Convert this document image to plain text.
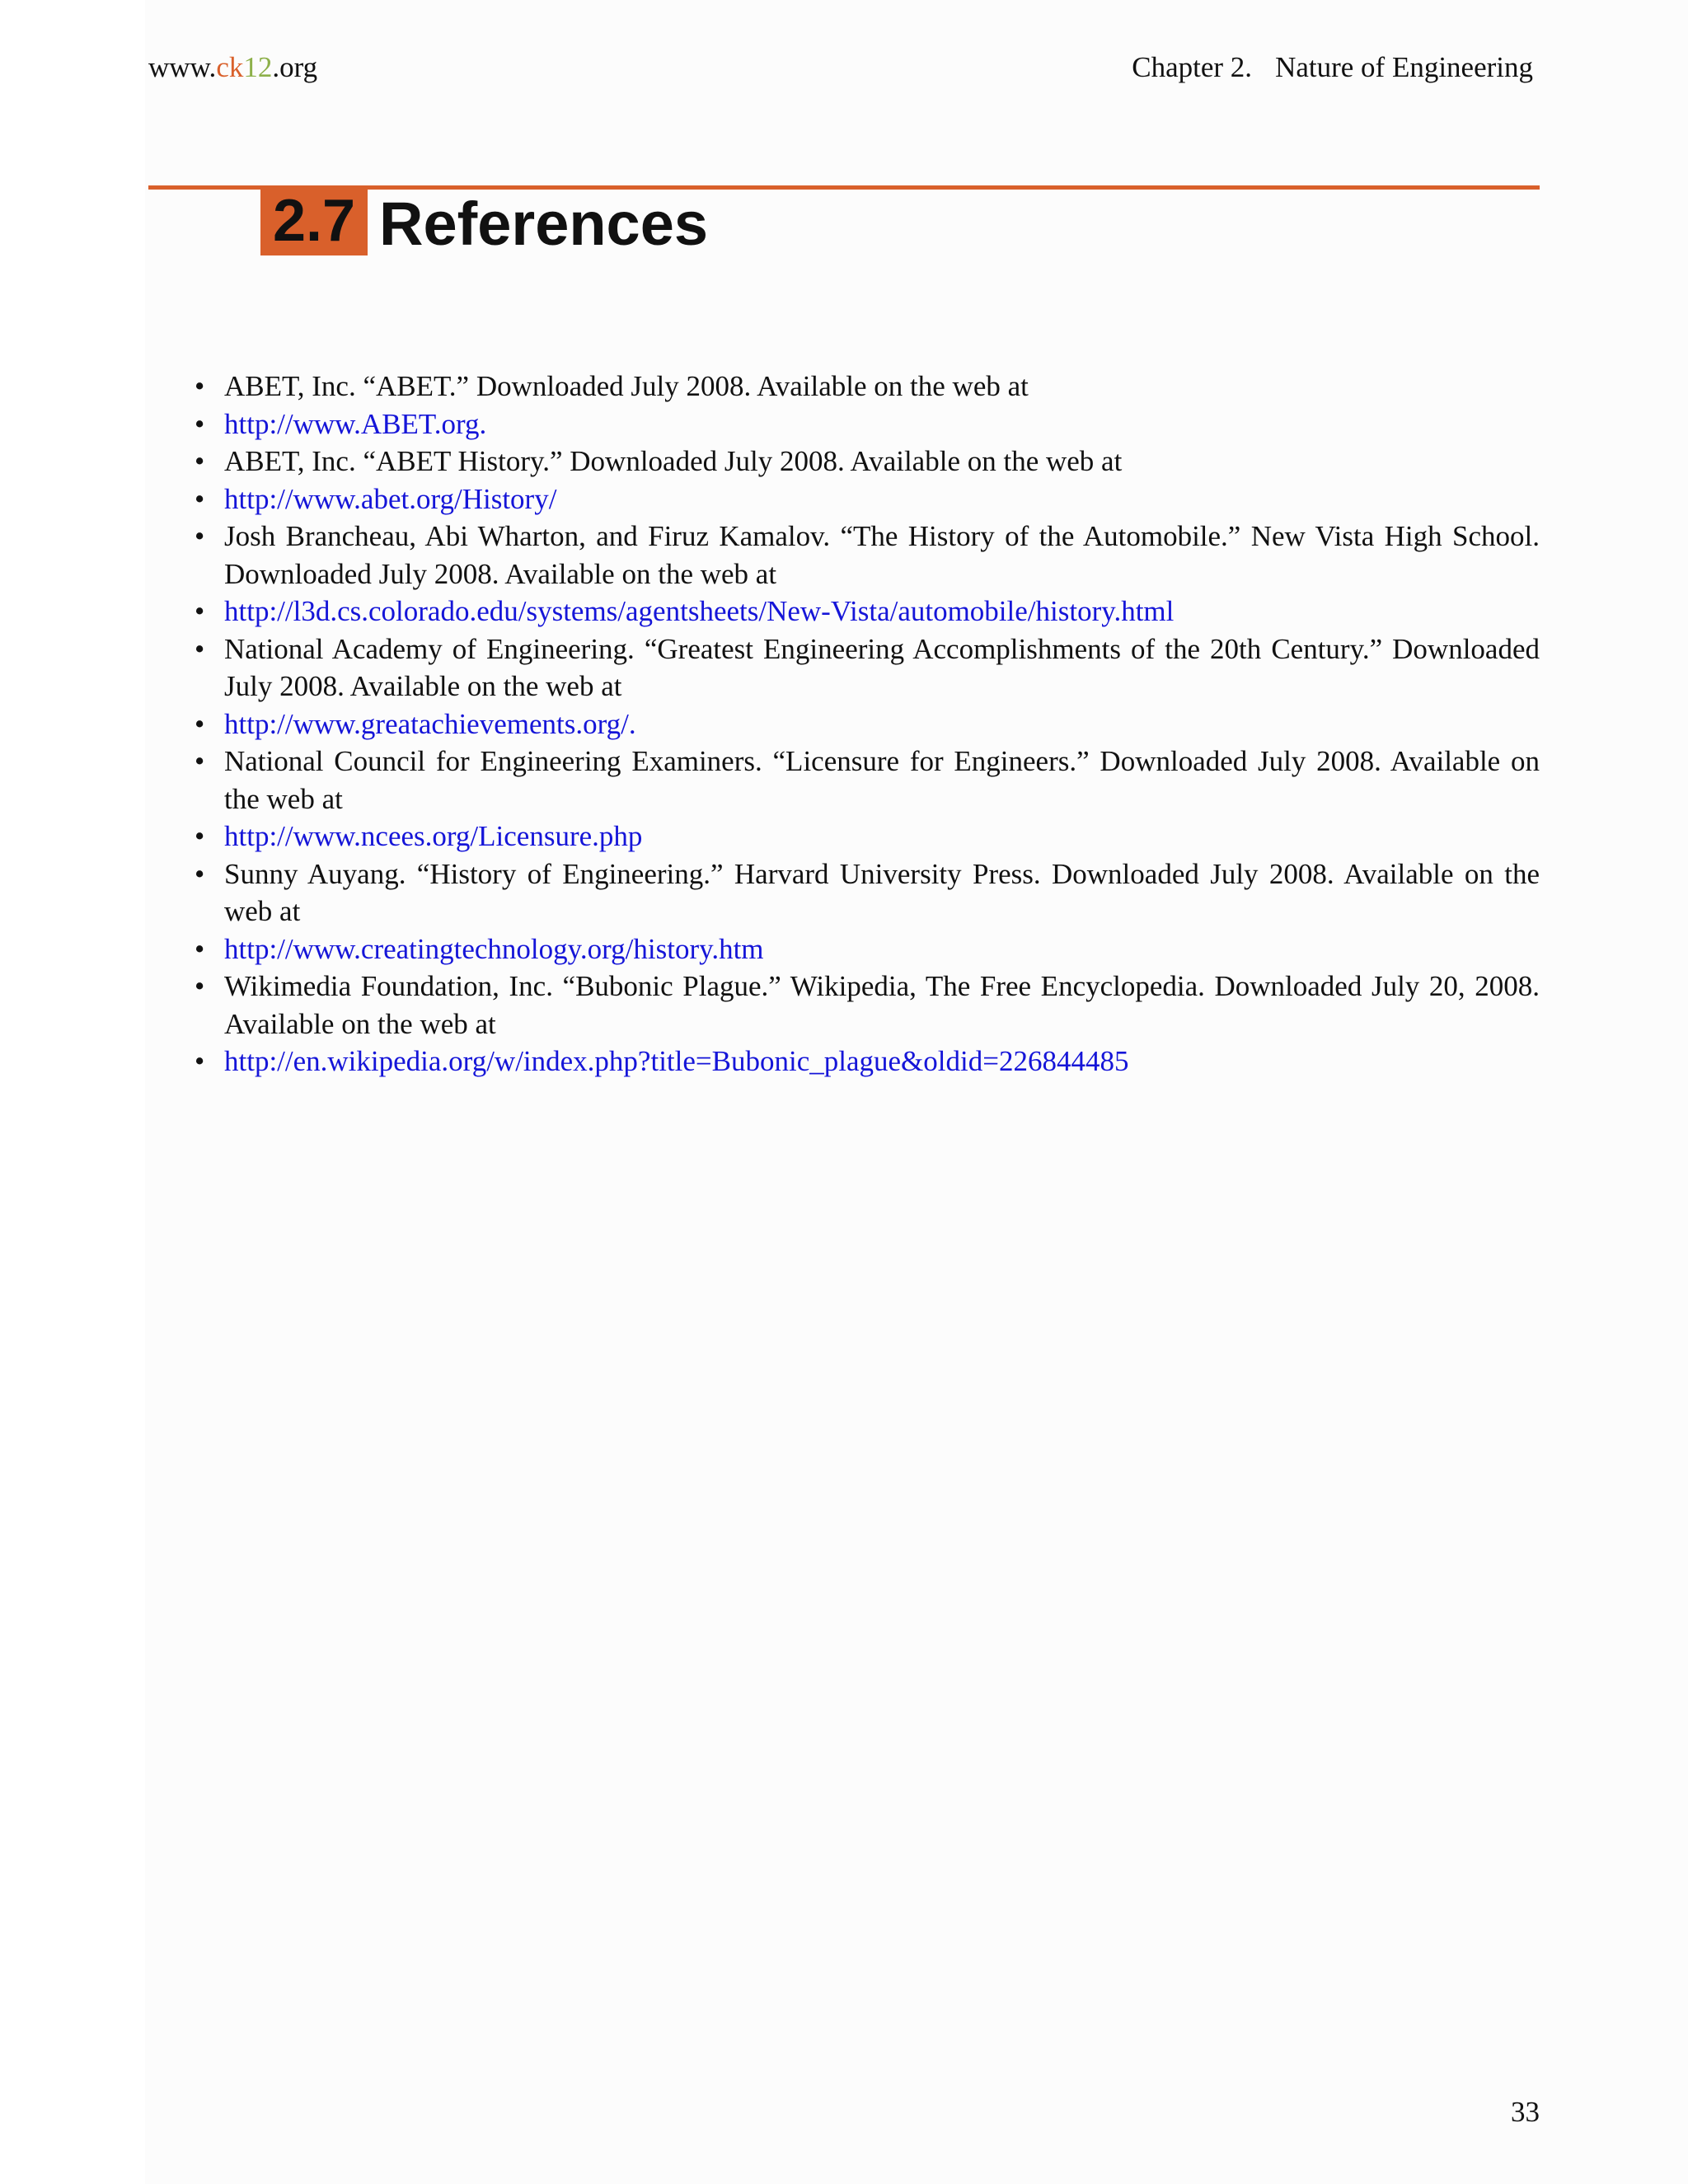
www.ck12.org	Chapter 2. Nature of Engineering
2.7 References
• ABET, Inc. “ABET.” Downloaded July 2008. Available on the web at
• http://www.ABET.org.
• ABET, Inc. “ABET History.” Downloaded July 2008. Available on the web at
• http://www.abet.org/History/
• Josh Brancheau, Abi Wharton, and Firuz Kamalov. “The History of the Automobile.” New Vista High School. Downloaded July 2008. Available on the web at
• http://l3d.cs.colorado.edu/systems/agentsheets/New-Vista/automobile/history.html
• National Academy of Engineering. “Greatest Engineering Accomplishments of the 20th Century.” Downloaded July 2008. Available on the web at
• http://www.greatachievements.org/.
• National Council for Engineering Examiners. “Licensure for Engineers.” Downloaded July 2008. Available on the web at
• http://www.ncees.org/Licensure.php
• Sunny Auyang. “History of Engineering.” Harvard University Press. Downloaded July 2008. Available on the web at
• http://www.creatingtechnology.org/history.htm
• Wikimedia Foundation, Inc. “Bubonic Plague.” Wikipedia, The Free Encyclopedia. Downloaded July 20, 2008. Available on the web at
• http://en.wikipedia.org/w/index.php?title=Bubonic_plague&oldid=226844485
33
